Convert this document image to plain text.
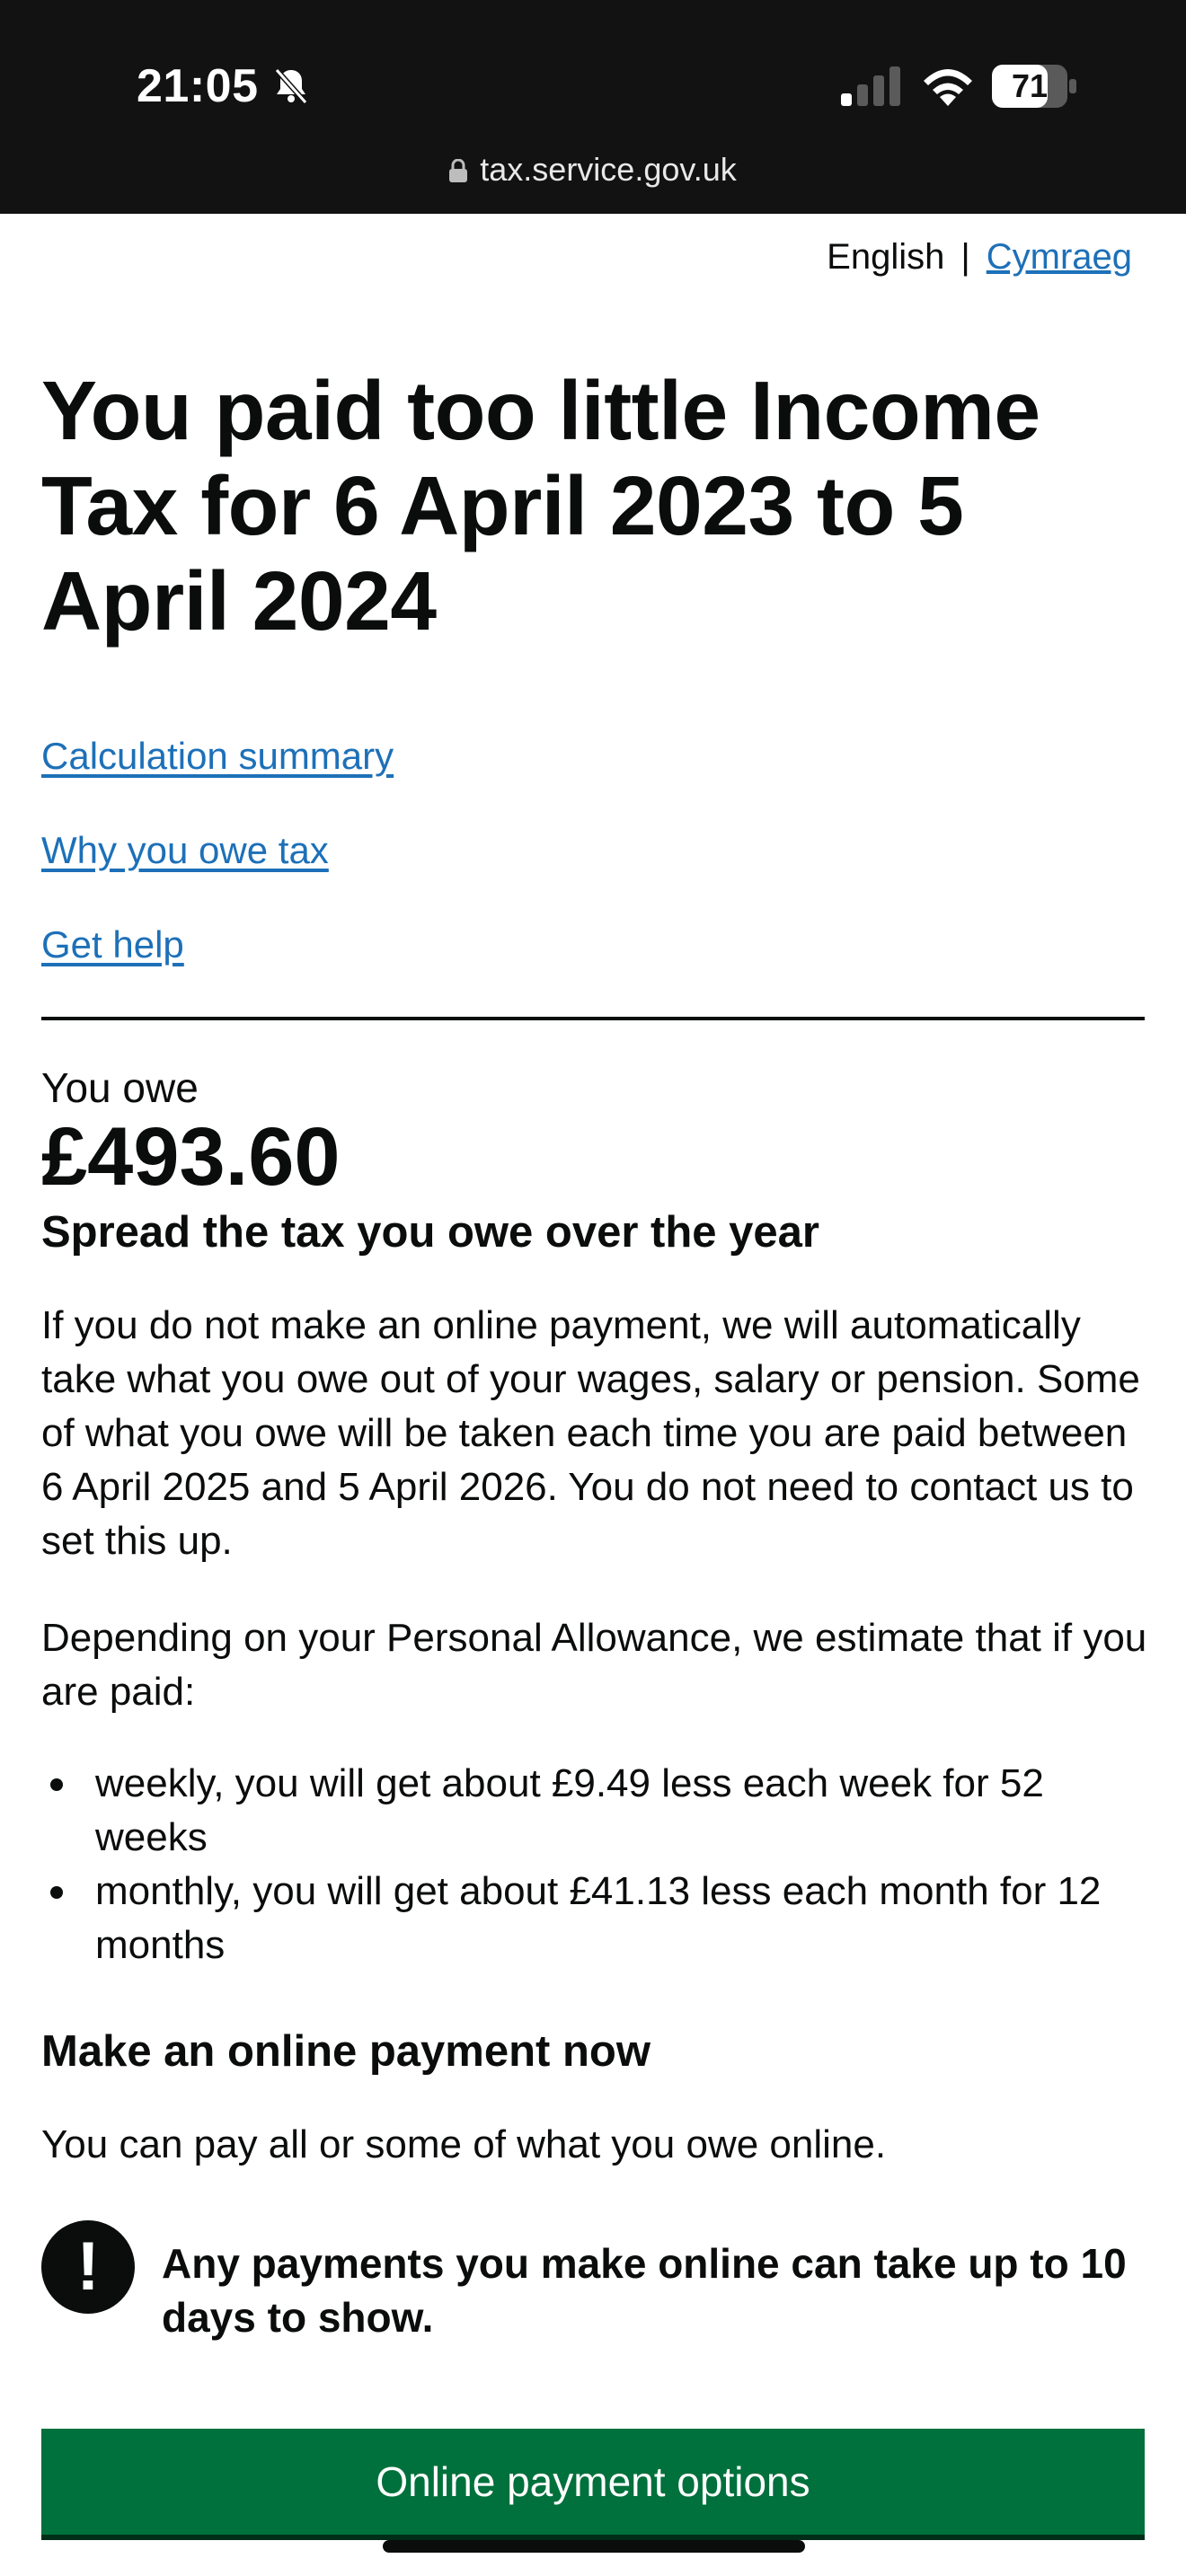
21:05	71
tax.service.gov.uk
English | Cymraeg
You paid too little Income Tax for 6 April 2023 to 5 April 2024
Calculation summary
Why you owe tax
Get help
You owe
£493.60
Spread the tax you owe over the year

If you do not make an online payment, we will automatically take what you owe out of your wages, salary or pension. Some of what you owe will be taken each time you are paid between 6 April 2025 and 5 April 2026. You do not need to contact us to set this up.

Depending on your Personal Allowance, we estimate that if you are paid:

weekly, you will get about £9.49 less each week for 52 weeks
monthly, you will get about £41.13 less each month for 12 months
Make an online payment now

You can pay all or some of what you owe online.

!	Any payments you make online can take up to 10 days to show.
Online payment options
